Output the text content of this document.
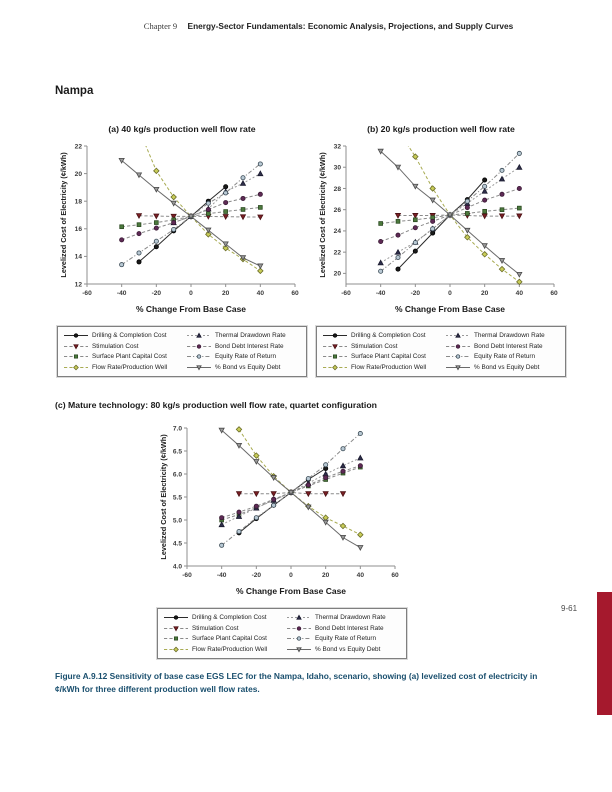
Chapter 9 Energy-Sector Fundamentals: Economic Analysis, Projections, and Supply Curves
Nampa
(a) 40 kg/s production well flow rate
-60	-40	-20	0	20	40	60
12
14
16
18
20
22
Levelized Cost of Electricity (¢/kWh)
% Change From Base Case
Drilling & Completion Cost
Stimulation Cost
Surface Plant Capital Cost
Flow Rate/Production Well
Thermal Drawdown Rate
Bond Debt Interest Rate
Equity Rate of Return
% Bond vs Equity Debt
(b) 20 kg/s production well flow rate
-60	-40	-20	0	20	40	60
20
22
24
26
28
30
32
Levelized Cost of Electricity (¢/kWh)
% Change From Base Case
Drilling & Completion Cost
Stimulation Cost
Surface Plant Capital Cost
Flow Rate/Production Well
Thermal Drawdown Rate
Bond Debt Interest Rate
Equity Rate of Return
% Bond vs Equity Debt
(c) Mature technology: 80 kg/s production well flow rate, quartet configuration
-60	-40	-20	0	20	40	60
4.0
4.5
5.0
5.5
6.0
6.5
7.0
Levelized Cost of Electricity (¢/kWh)
% Change From Base Case
Drilling & Completion Cost
Stimulation Cost
Surface Plant Capital Cost
Flow Rate/Production Well
Thermal Drawdown Rate
Bond Debt Interest Rate
Equity Rate of Return
% Bond vs Equity Debt
9-61

Figure A.9.12 Sensitivity of base case EGS LEC for the Nampa, Idaho, scenario, showing (a) levelized cost of electricity in ¢/kWh for three different production well flow rates.
